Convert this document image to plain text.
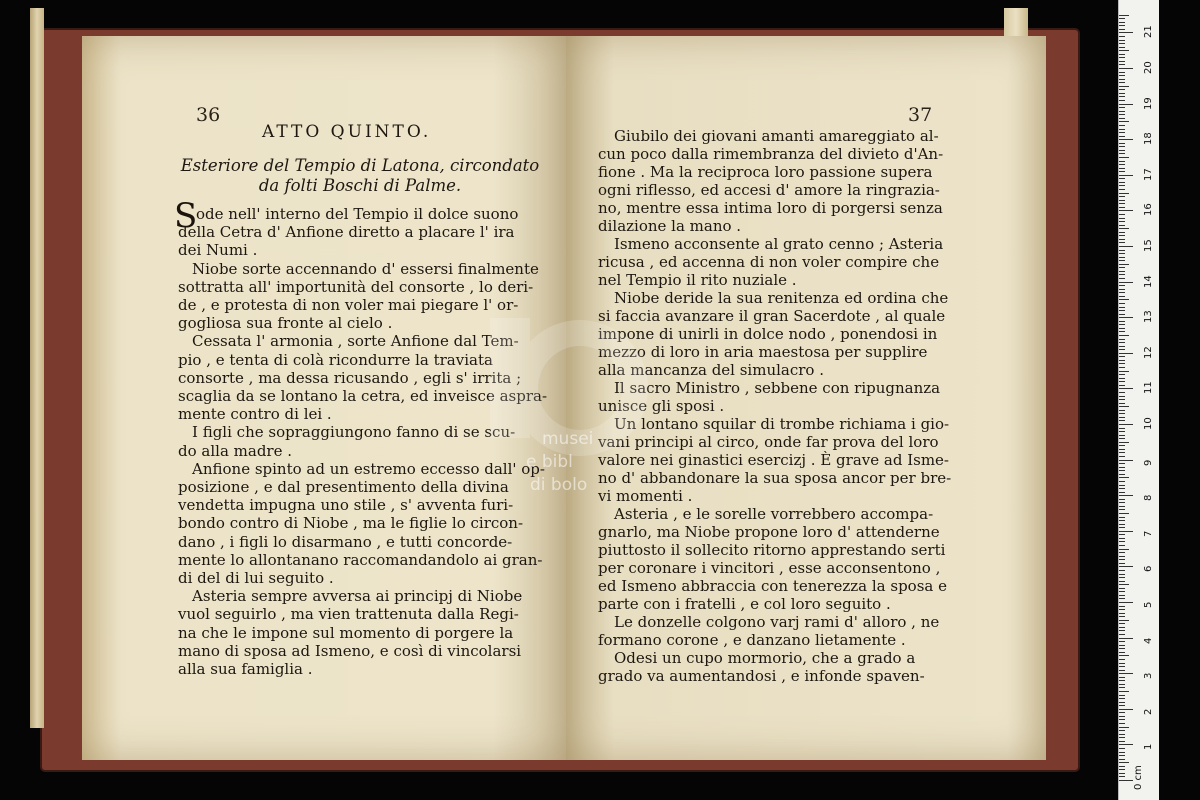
36
ATTO QUINTO.
Esteriore del Tempio di Latona, circondato
da folti Boschi di Palme.
S
ode nell' interno del Tempio il dolce suono
della Cetra d' Anfione diretto a placare l' ira
dei Numi .
Niobe sorte accennando d' essersi finalmente
sottratta all' importunità del consorte , lo deri-
de , e protesta di non voler mai piegare l' or-
gogliosa sua fronte al cielo .
Cessata l' armonia , sorte Anfione dal Tem-
pio , e tenta di colà ricondurre la traviata
consorte , ma dessa ricusando , egli s' irrita ;
scaglia da se lontano la cetra, ed inveisce aspra-
mente contro di lei .
I figli che sopraggiungono fanno di se scu-
do alla madre .
Anfione spinto ad un estremo eccesso dall' op-
posizione , e dal presentimento della divina
vendetta impugna uno stile , s' avventa furi-
bondo contro di Niobe , ma le figlie lo circon-
dano , i figli lo disarmano , e tutti concorde-
mente lo allontanano raccomandandolo ai gran-
di del di lui seguito .
Asteria sempre avversa ai principj di Niobe
vuol seguirlo , ma vien trattenuta dalla Regi-
na che le impone sul momento di porgere la
mano di sposa ad Ismeno, e così di vincolarsi
alla sua famiglia .
37
Giubilo dei giovani amanti amareggiato al-
cun poco dalla rimembranza del divieto d'An-
fione . Ma la reciproca loro passione supera
ogni riflesso, ed accesi d' amore la ringrazia-
no, mentre essa intima loro di porgersi senza
dilazione la mano .
Ismeno acconsente al grato cenno ; Asteria
ricusa , ed accenna di non voler compire che
nel Tempio il rito nuziale .
Niobe deride la sua renitenza ed ordina che
si faccia avanzare il gran Sacerdote , al quale
impone di unirli in dolce nodo , ponendosi in
mezzo di loro in aria maestosa per supplire
alla mancanza del simulacro .
Il sacro Ministro , sebbene con ripugnanza
unisce gli sposi .
Un lontano squilar di trombe richiama i gio-
vani principi al circo, onde far prova del loro
valore nei ginastici esercizj . È grave ad Isme-
no d' abbandonare la sua sposa ancor per bre-
vi momenti .
Asteria , e le sorelle vorrebbero accompa-
gnarlo, ma Niobe propone loro d' attenderne
piuttosto il sollecito ritorno apprestando serti
per coronare i vincitori , esse acconsentono ,
ed Ismeno abbraccia con tenerezza la sposa e
parte con i fratelli , e col loro seguito .
Le donzelle colgono varj rami d' alloro , ne
formano corone , e danzano lietamente .
Odesi un cupo mormorio, che a grado a
grado va aumentandosi , e infonde spaven-
musei
e bibl
di bolo
0 cm
1
2
3
4
5
6
7
8
9
10
11
12
13
14
15
16
17
18
19
20
21
